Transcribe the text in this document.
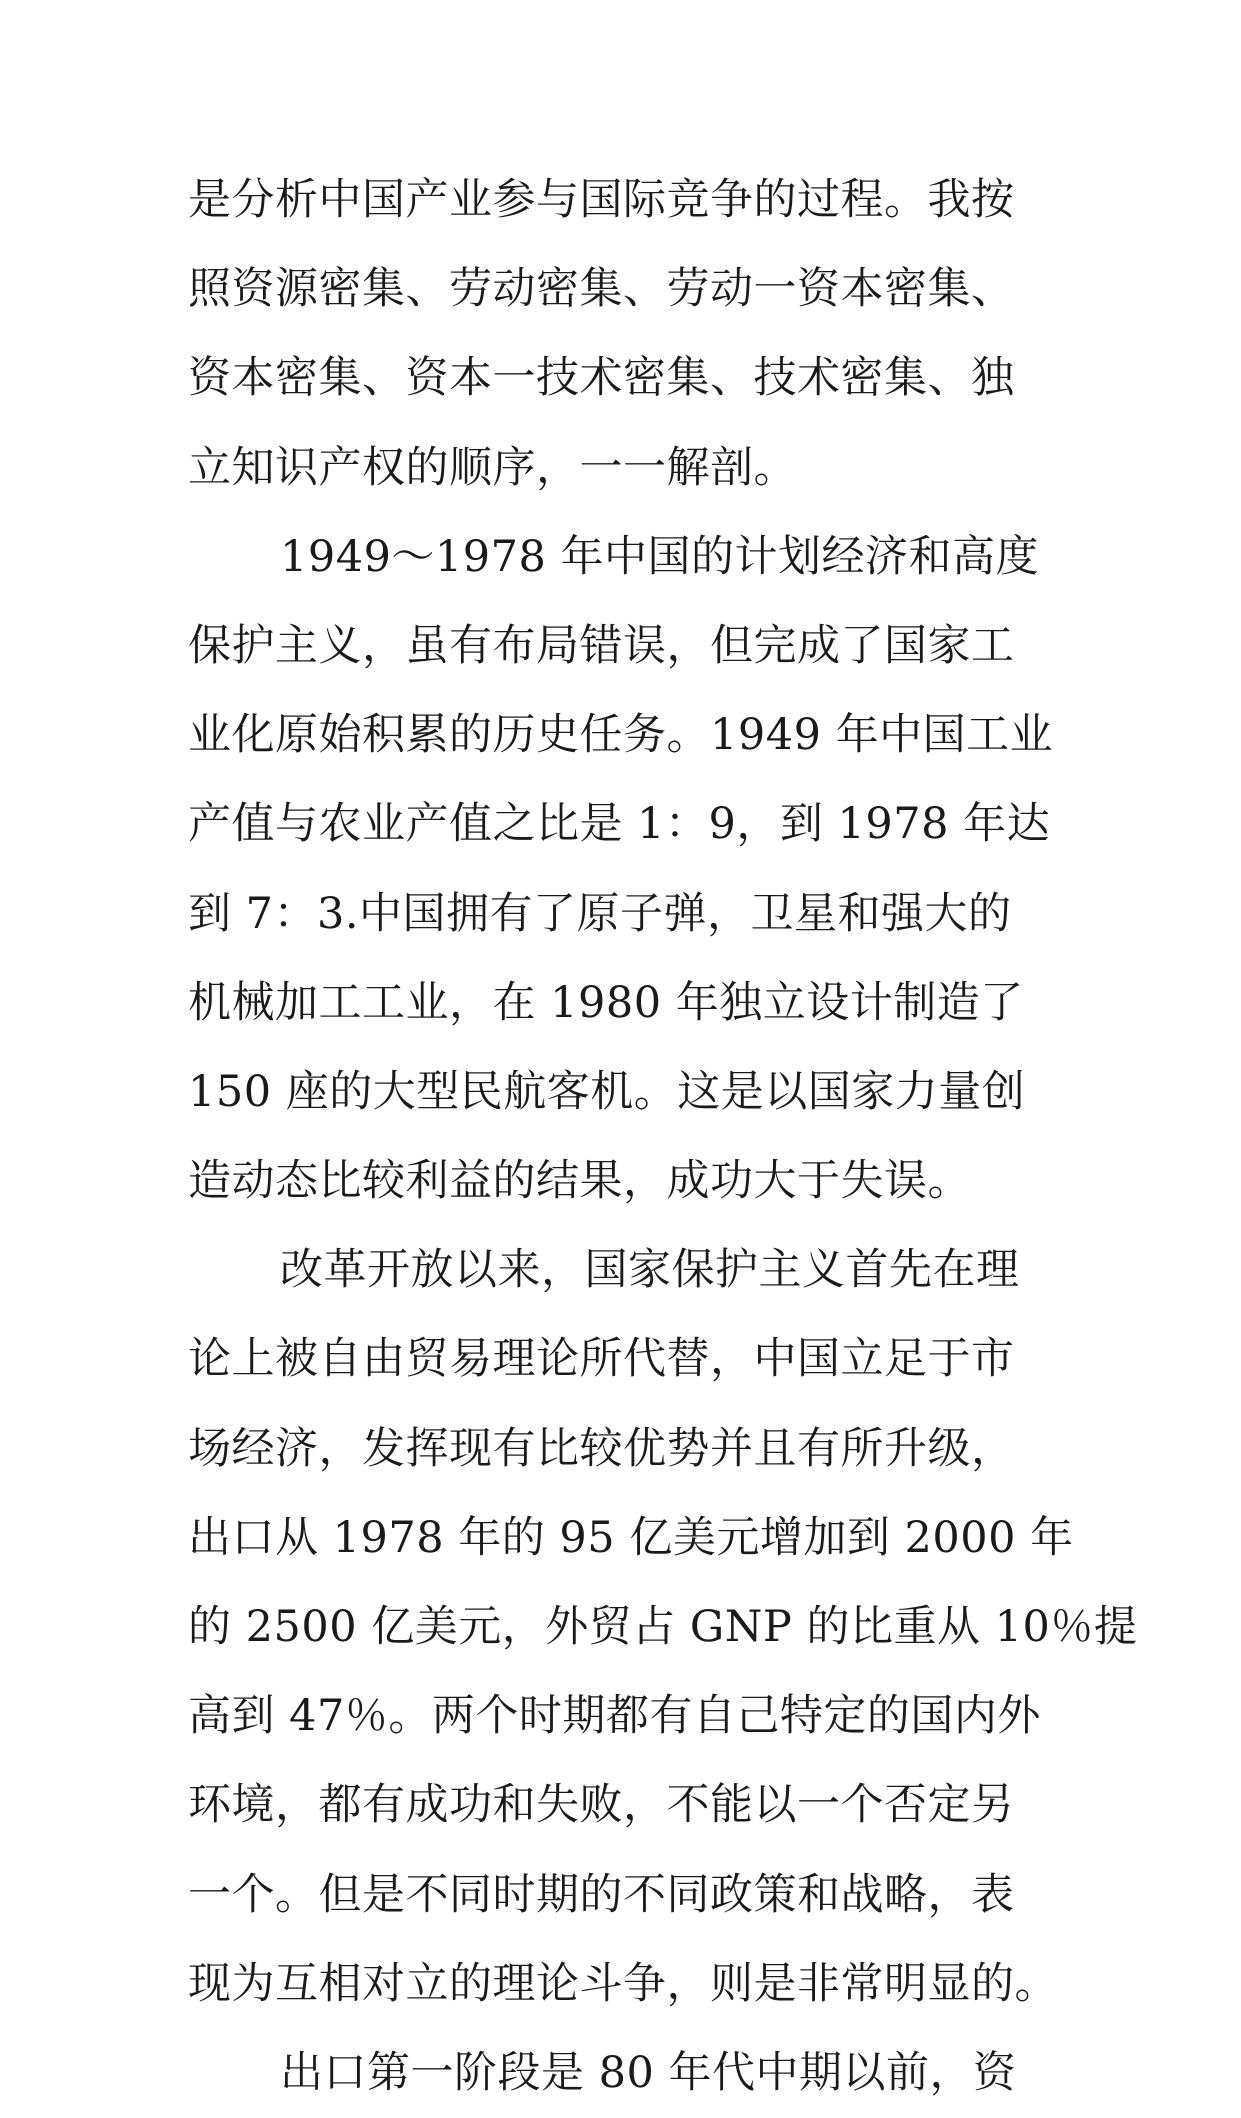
是分析中国产业参与国际竞争的过程。我按
照资源密集、劳动密集、劳动一资本密集、
资本密集、资本一技术密集、技术密集、独
立知识产权的顺序，一一解剖。
1949～1978 年中国的计划经济和高度
保护主义，虽有布局错误，但完成了国家工
业化原始积累的历史任务。1949 年中国工业
产值与农业产值之比是 1：9，到 1978 年达
到 7：3.中国拥有了原子弹，卫星和强大的
机械加工工业，在 1980 年独立设计制造了
150 座的大型民航客机。这是以国家力量创
造动态比较利益的结果，成功大于失误。
改革开放以来，国家保护主义首先在理
论上被自由贸易理论所代替，中国立足于市
场经济，发挥现有比较优势并且有所升级，
出口从 1978 年的 95 亿美元增加到 2000 年
的 2500 亿美元，外贸占 GNP 的比重从 10％提
高到 47％。两个时期都有自己特定的国内外
环境，都有成功和失败，不能以一个否定另
一个。但是不同时期的不同政策和战略，表
现为互相对立的理论斗争，则是非常明显的。
出口第一阶段是 80 年代中期以前，资
